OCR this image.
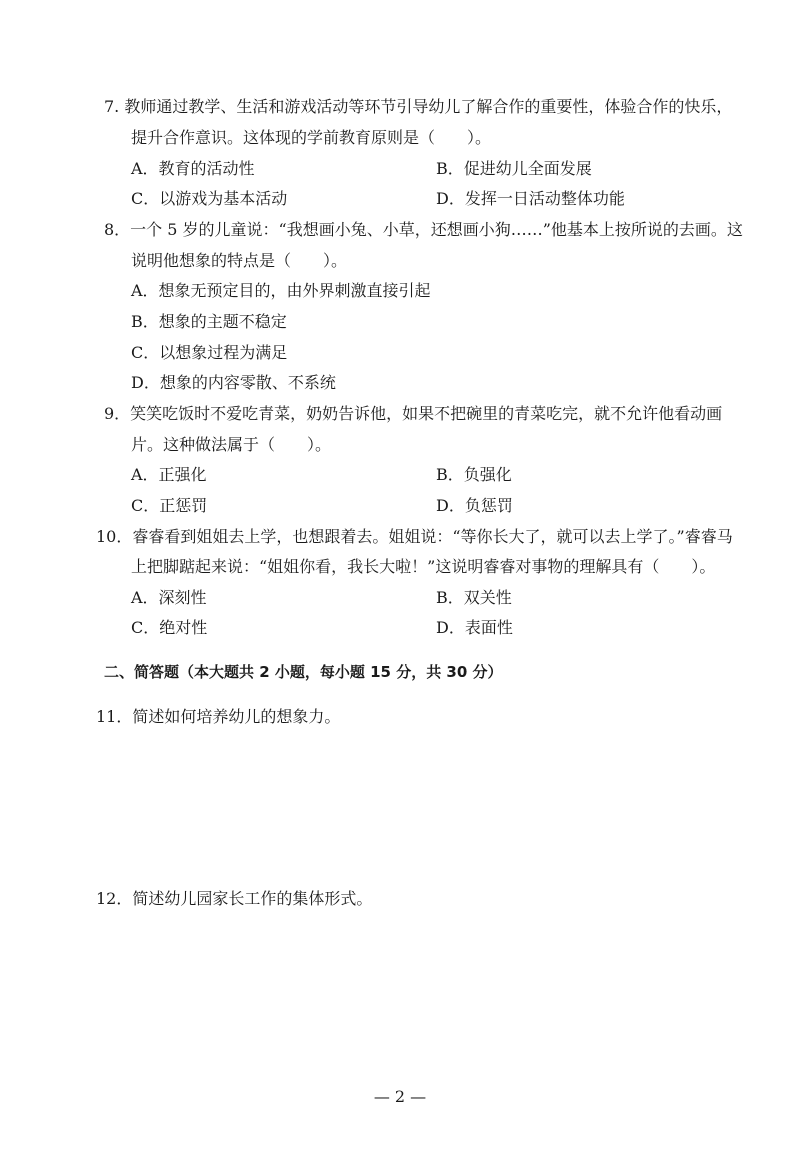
7. 教师通过教学、生活和游戏活动等环节引导幼儿了解合作的重要性，体验合作的快乐，
提升合作意识。这体现的学前教育原则是（　　）。
A．教育的活动性	B．促进幼儿全面发展
C．以游戏为基本活动	D．发挥一日活动整体功能
8．一个 5 岁的儿童说：“我想画小兔、小草，还想画小狗……”他基本上按所说的去画。这
说明他想象的特点是（　　）。
A．想象无预定目的，由外界刺激直接引起
B．想象的主题不稳定
C．以想象过程为满足
D．想象的内容零散、不系统
9．笑笑吃饭时不爱吃青菜，奶奶告诉他，如果不把碗里的青菜吃完，就不允许他看动画
片。这种做法属于（　　）。
A．正强化	B．负强化
C．正惩罚	D．负惩罚
10．睿睿看到姐姐去上学，也想跟着去。姐姐说：“等你长大了，就可以去上学了。”睿睿马
上把脚踮起来说：“姐姐你看，我长大啦！”这说明睿睿对事物的理解具有（　　）。
A．深刻性	B．双关性
C．绝对性	D．表面性
二、简答题（本大题共 2 小题，每小题 15 分，共 30 分）
11．简述如何培养幼儿的想象力。
12．简述幼儿园家长工作的集体形式。
— 2 —
